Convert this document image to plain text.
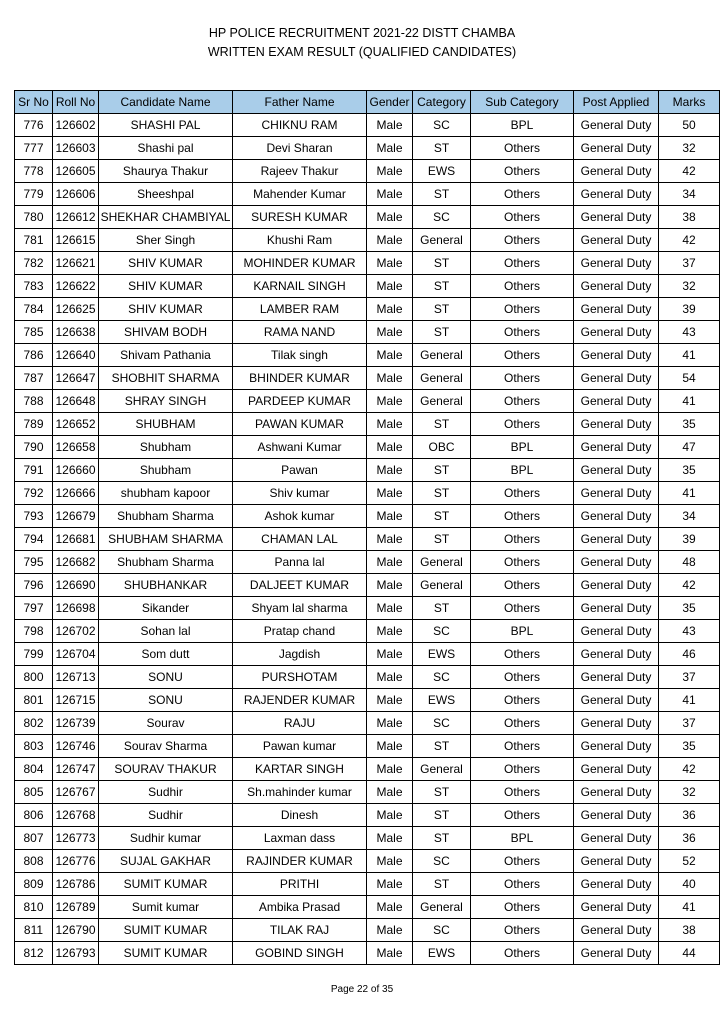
HP POLICE RECRUITMENT 2021-22 DISTT CHAMBA
WRITTEN EXAM RESULT (QUALIFIED CANDIDATES)
Sr No	Roll No	Candidate Name	Father Name	Gender	Category	Sub Category	Post Applied	Marks
776	126602	SHASHI PAL	CHIKNU RAM	Male	SC	BPL	General Duty	50
777	126603	Shashi pal	Devi Sharan	Male	ST	Others	General Duty	32
778	126605	Shaurya Thakur	Rajeev Thakur	Male	EWS	Others	General Duty	42
779	126606	Sheeshpal	Mahender Kumar	Male	ST	Others	General Duty	34
780	126612	SHEKHAR CHAMBIYAL	SURESH KUMAR	Male	SC	Others	General Duty	38
781	126615	Sher Singh	Khushi Ram	Male	General	Others	General Duty	42
782	126621	SHIV KUMAR	MOHINDER KUMAR	Male	ST	Others	General Duty	37
783	126622	SHIV KUMAR	KARNAIL SINGH	Male	ST	Others	General Duty	32
784	126625	SHIV KUMAR	LAMBER RAM	Male	ST	Others	General Duty	39
785	126638	SHIVAM BODH	RAMA NAND	Male	ST	Others	General Duty	43
786	126640	Shivam Pathania	Tilak singh	Male	General	Others	General Duty	41
787	126647	SHOBHIT SHARMA	BHINDER KUMAR	Male	General	Others	General Duty	54
788	126648	SHRAY SINGH	PARDEEP KUMAR	Male	General	Others	General Duty	41
789	126652	SHUBHAM	PAWAN KUMAR	Male	ST	Others	General Duty	35
790	126658	Shubham	Ashwani Kumar	Male	OBC	BPL	General Duty	47
791	126660	Shubham	Pawan	Male	ST	BPL	General Duty	35
792	126666	shubham kapoor	Shiv kumar	Male	ST	Others	General Duty	41
793	126679	Shubham Sharma	Ashok kumar	Male	ST	Others	General Duty	34
794	126681	SHUBHAM SHARMA	CHAMAN LAL	Male	ST	Others	General Duty	39
795	126682	Shubham Sharma	Panna lal	Male	General	Others	General Duty	48
796	126690	SHUBHANKAR	DALJEET KUMAR	Male	General	Others	General Duty	42
797	126698	Sikander	Shyam lal sharma	Male	ST	Others	General Duty	35
798	126702	Sohan lal	Pratap chand	Male	SC	BPL	General Duty	43
799	126704	Som dutt	Jagdish	Male	EWS	Others	General Duty	46
800	126713	SONU	PURSHOTAM	Male	SC	Others	General Duty	37
801	126715	SONU	RAJENDER KUMAR	Male	EWS	Others	General Duty	41
802	126739	Sourav	RAJU	Male	SC	Others	General Duty	37
803	126746	Sourav Sharma	Pawan kumar	Male	ST	Others	General Duty	35
804	126747	SOURAV THAKUR	KARTAR SINGH	Male	General	Others	General Duty	42
805	126767	Sudhir	Sh.mahinder kumar	Male	ST	Others	General Duty	32
806	126768	Sudhir	Dinesh	Male	ST	Others	General Duty	36
807	126773	Sudhir kumar	Laxman dass	Male	ST	BPL	General Duty	36
808	126776	SUJAL GAKHAR	RAJINDER KUMAR	Male	SC	Others	General Duty	52
809	126786	SUMIT KUMAR	PRITHI	Male	ST	Others	General Duty	40
810	126789	Sumit kumar	Ambika Prasad	Male	General	Others	General Duty	41
811	126790	SUMIT KUMAR	TILAK RAJ	Male	SC	Others	General Duty	38
812	126793	SUMIT KUMAR	GOBIND SINGH	Male	EWS	Others	General Duty	44
Page 22 of 35
